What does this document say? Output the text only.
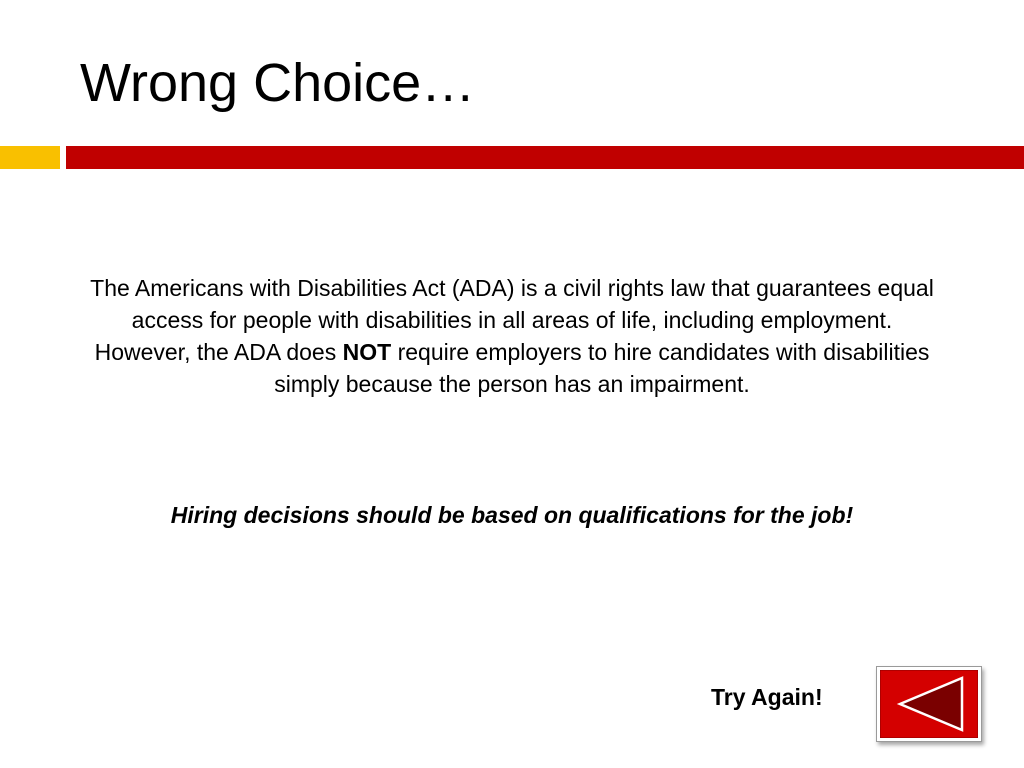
Wrong Choice…

The Americans with Disabilities Act (ADA) is a civil rights law that guarantees equal
access for people with disabilities in all areas of life, including employment.
However, the ADA does NOT require employers to hire candidates with disabilities
simply because the person has an impairment.

Hiring decisions should be based on qualifications for the job!

Try Again!
